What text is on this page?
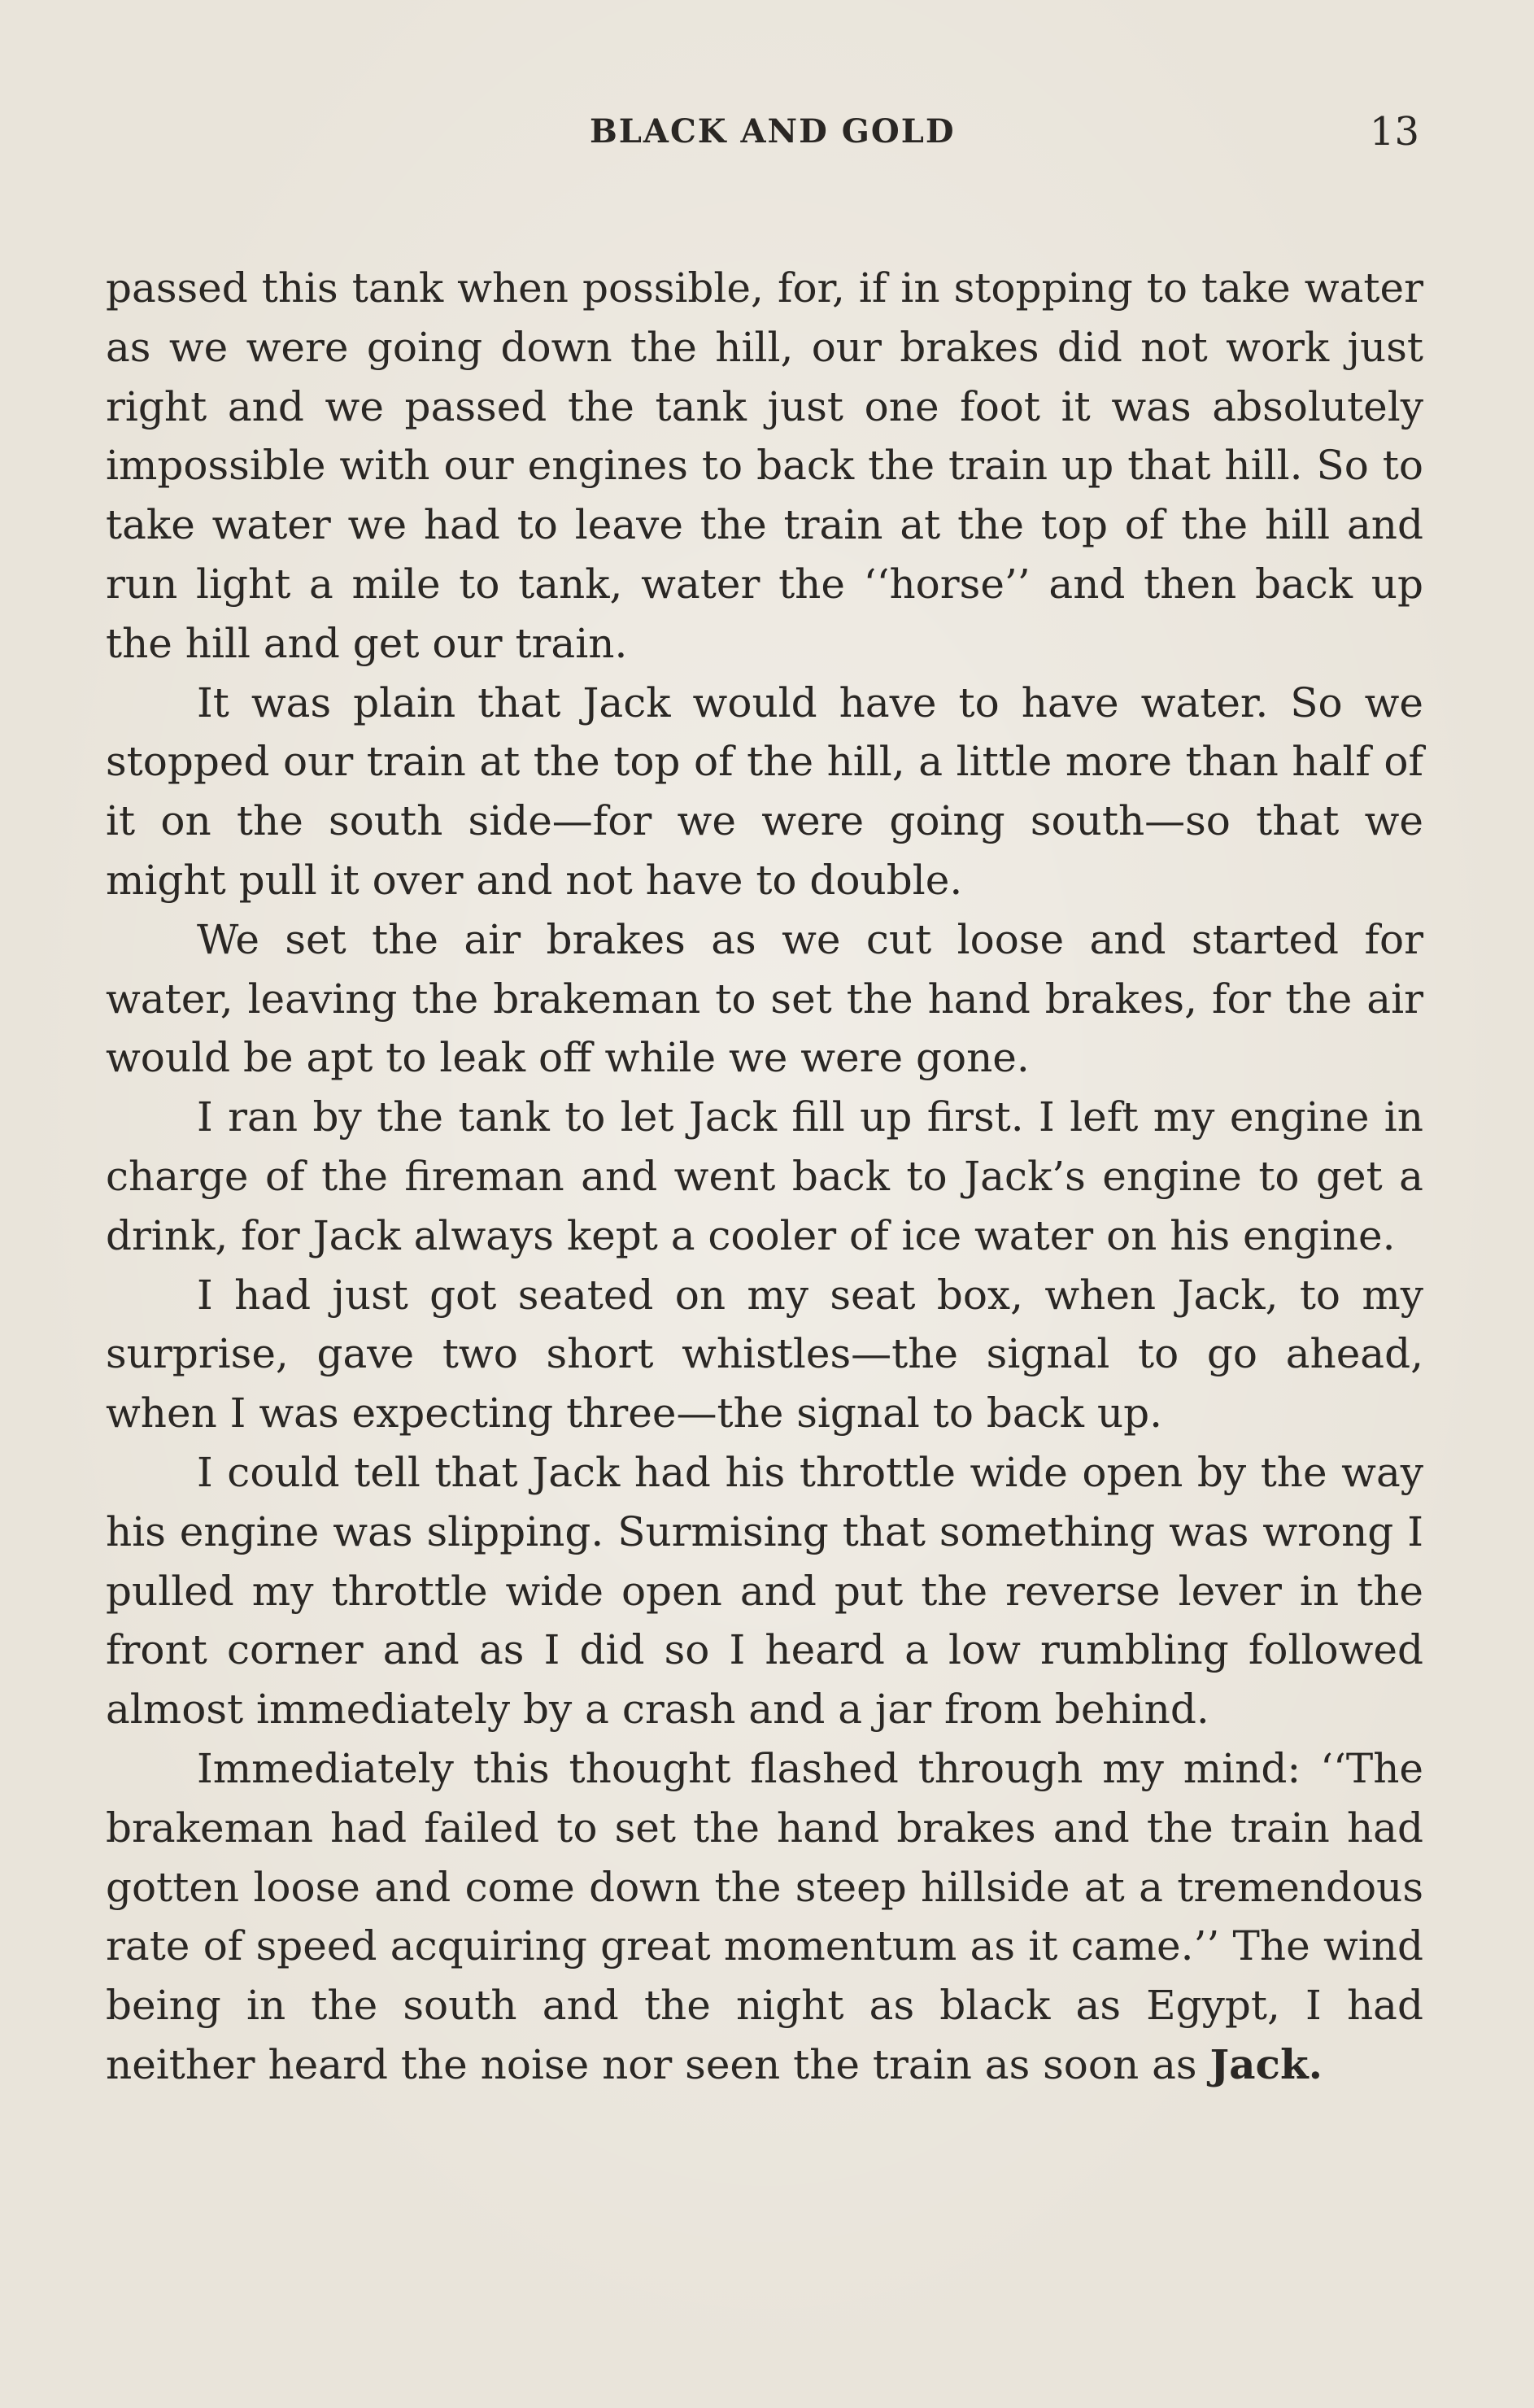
BLACK AND GOLD	13

passed this tank when possible, for, if in stopping to take water as we were going down the hill, our brakes did not work just right and we passed the tank just one foot it was absolutely impossible with our engines to back the train up that hill. So to take water we had to leave the train at the top of the hill and run light a mile to tank, water the ‘‘horse’’ and then back up the hill and get our train.

It was plain that Jack would have to have water. So we stopped our train at the top of the hill, a little more than half of it on the south side—for we were going south—so that we might pull it over and not have to double.

We set the air brakes as we cut loose and started for water, leaving the brakeman to set the hand brakes, for the air would be apt to leak off while we were gone.

I ran by the tank to let Jack fill up first. I left my engine in charge of the fireman and went back to Jack’s engine to get a drink, for Jack always kept a cooler of ice water on his engine.

I had just got seated on my seat box, when Jack, to my surprise, gave two short whistles—the signal to go ahead, when I was expecting three—the signal to back up.

I could tell that Jack had his throttle wide open by the way his engine was slipping. Surmising that something was wrong I pulled my throttle wide open and put the reverse lever in the front corner and as I did so I heard a low rumbling followed almost immediately by a crash and a jar from behind.

Immediately this thought flashed through my mind: ‘‘The brakeman had failed to set the hand brakes and the train had gotten loose and come down the steep hillside at a tremendous rate of speed acquiring great momentum as it came.’’ The wind being in the south and the night as black as Egypt, I had neither heard the noise nor seen the train as soon as Jack.
